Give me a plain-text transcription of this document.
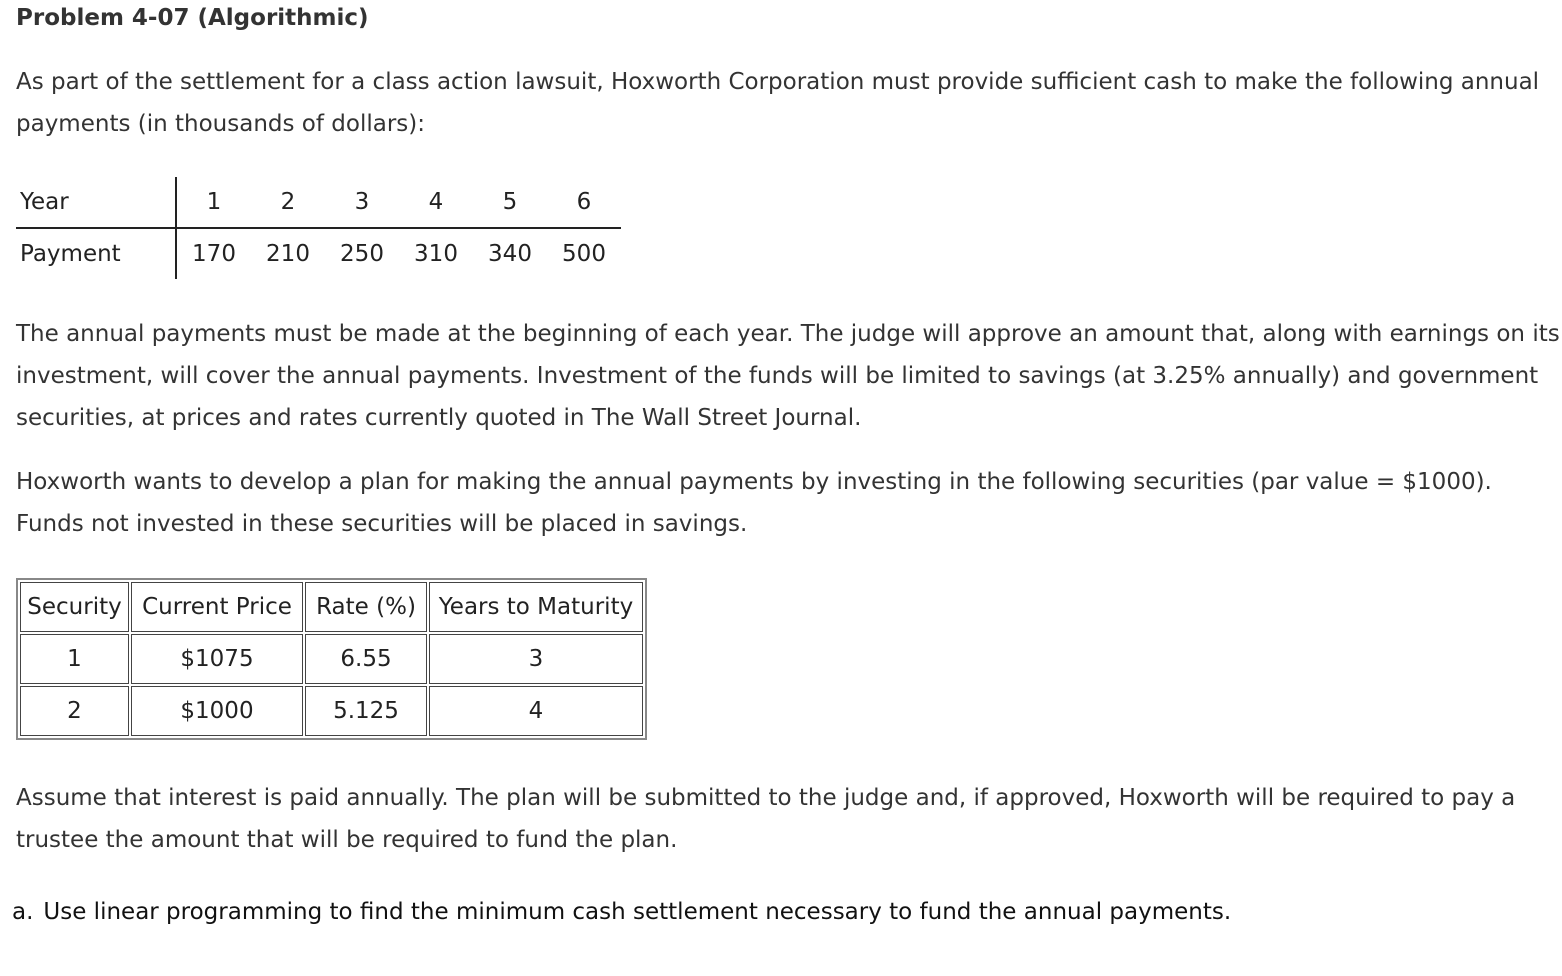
Problem 4-07 (Algorithmic)

As part of the settlement for a class action lawsuit, Hoxworth Corporation must provide sufficient cash to make the following annual payments (in thousands of dollars):

Year	1	2	3	4	5	6
Payment	170	210	250	310	340	500

The annual payments must be made at the beginning of each year. The judge will approve an amount that, along with earnings on its investment, will cover the annual payments. Investment of the funds will be limited to savings (at 3.25% annually) and government securities, at prices and rates currently quoted in The Wall Street Journal.

Hoxworth wants to develop a plan for making the annual payments by investing in the following securities (par value = $1000). Funds not invested in these securities will be placed in savings.

Security	Current Price	Rate (%)	Years to Maturity
1	$1075	6.55	3
2	$1000	5.125	4

Assume that interest is paid annually. The plan will be submitted to the judge and, if approved, Hoxworth will be required to pay a trustee the amount that will be required to fund the plan.

a. Use linear programming to find the minimum cash settlement necessary to fund the annual payments.
